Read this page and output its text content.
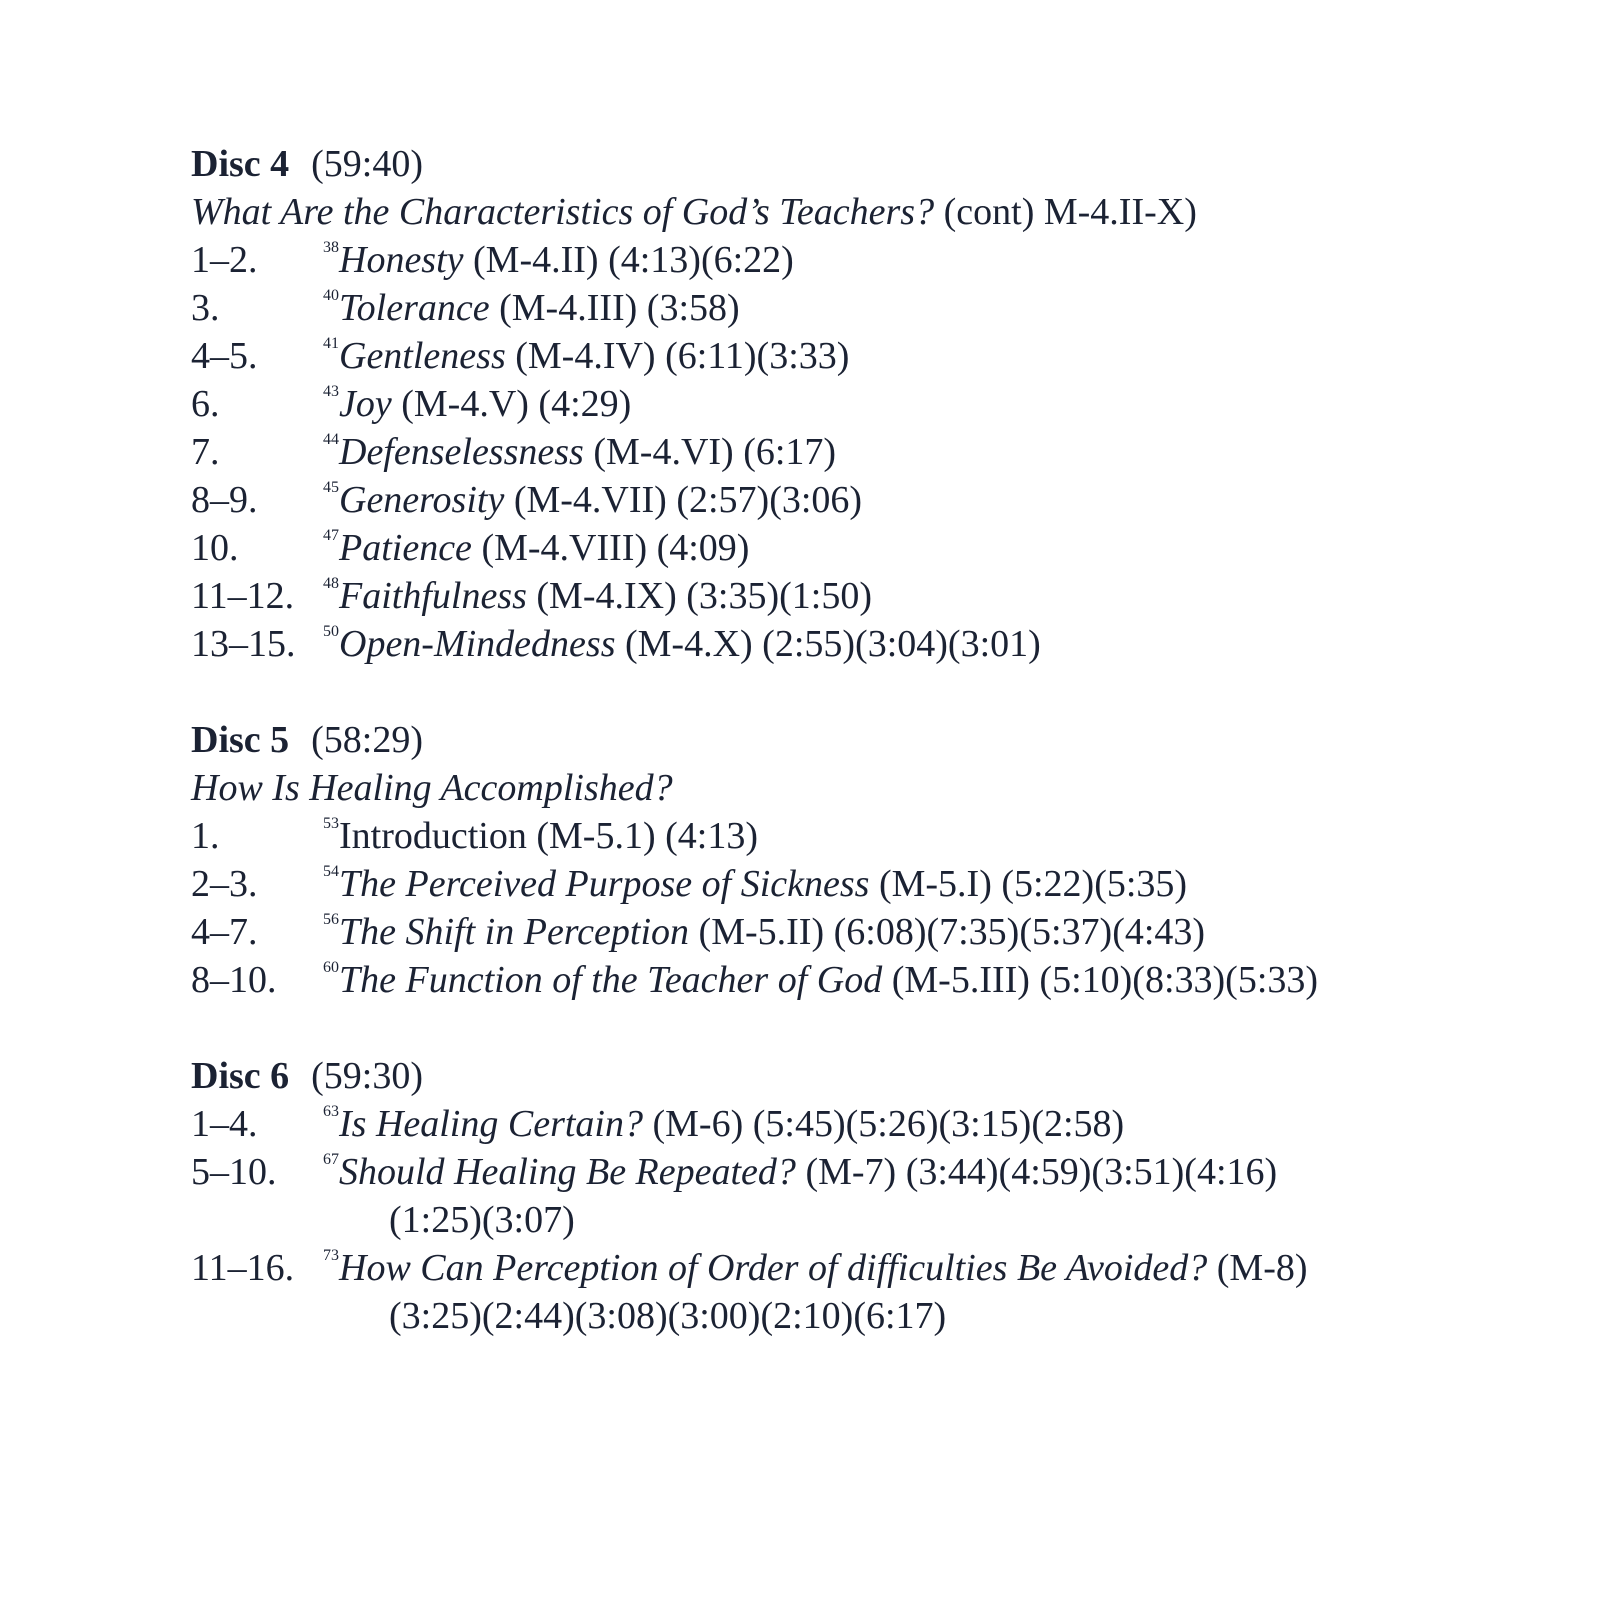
Disc 4 (59:40)
What Are the Characteristics of God’s Teachers? (cont) M-4.II-X)
1–2.	$^{38}$Honesty (M-4.II) (4:13)(6:22)
3.	$^{40}$Tolerance (M-4.III) (3:58)
4–5.	$^{41}$Gentleness (M-4.IV) (6:11)(3:33)
6.	$^{43}$Joy (M-4.V) (4:29)
7.	$^{44}$Defenselessness (M-4.VI) (6:17)
8–9.	$^{45}$Generosity (M-4.VII) (2:57)(3:06)
10.	$^{47}$Patience (M-4.VIII) (4:09)
11–12.	$^{48}$Faithfulness (M-4.IX) (3:35)(1:50)
13–15.	$^{50}$Open-Mindedness (M-4.X) (2:55)(3:04)(3:01)
Disc 5 (58:29)
How Is Healing Accomplished?
1.	$^{53}$Introduction (M-5.1) (4:13)
2–3.	$^{54}$The Perceived Purpose of Sickness (M-5.I) (5:22)(5:35)
4–7.	$^{56}$The Shift in Perception (M-5.II) (6:08)(7:35)(5:37)(4:43)
8–10.	$^{60}$The Function of the Teacher of God (M-5.III) (5:10)(8:33)(5:33)
Disc 6 (59:30)
1–4.	$^{63}$Is Healing Certain? (M-6) (5:45)(5:26)(3:15)(2:58)
5–10.	$^{67}$Should Healing Be Repeated? (M-7) (3:44)(4:59)(3:51)(4:16)
(1:25)(3:07)
11–16.	$^{73}$How Can Perception of Order of difficulties Be Avoided? (M-8)
(3:25)(2:44)(3:08)(3:00)(2:10)(6:17)
